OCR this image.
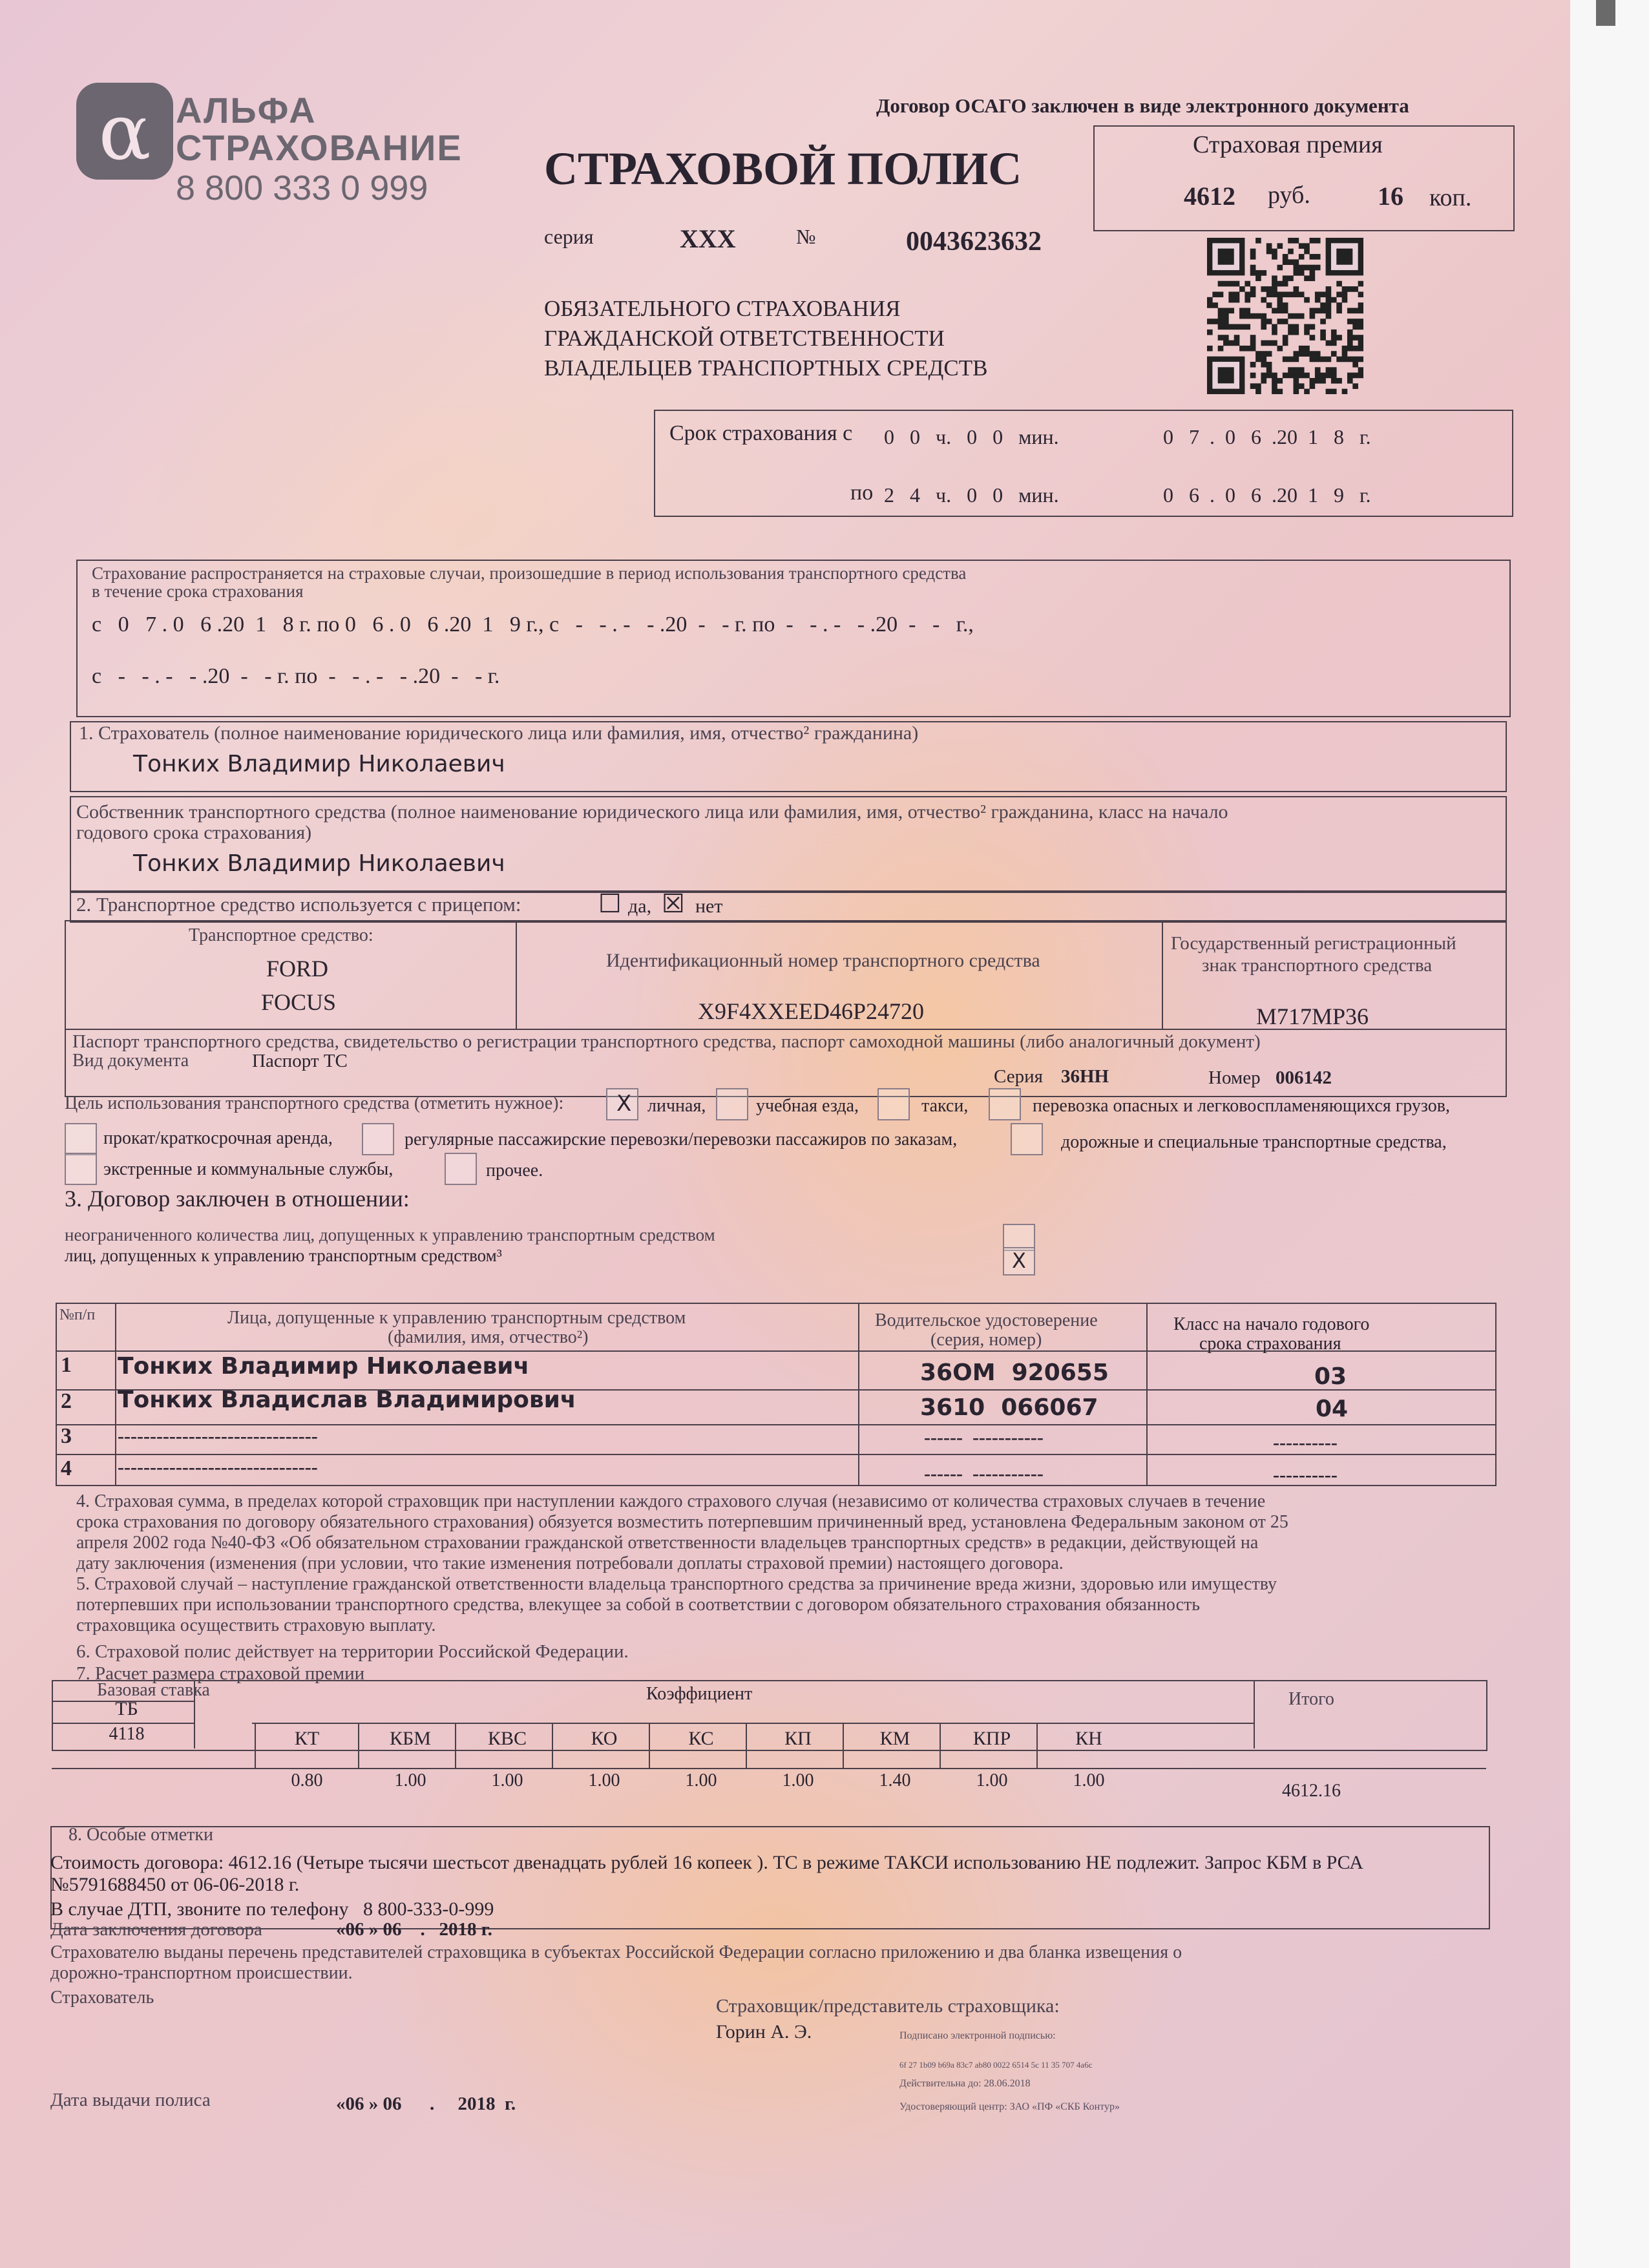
α АЛЬФА
СТРАХОВАНИЕ
8 800 333 0 999
Договор ОСАГО заключен в виде электронного документа
СТРАХОВОЙ ПОЛИС
серия	ХХХ	№	0043623632
ОБЯЗАТЕЛЬНОГО СТРАХОВАНИЯ
ГРАЖДАНСКОЙ ОТВЕТСТВЕННОСТИ
ВЛАДЕЛЬЦЕВ ТРАНСПОРТНЫХ СРЕДСТВ
Страховая премия
4612 руб.	16 коп.
Срок страхования с 0   0   ч.   0   0   мин.	0   7  .  0   6  .20  1   8   г.
по 2   4   ч.   0   0   мин.	0   6  .  0   6  .20  1   9   г.
Страхование распространяется на страховые случаи, произошедшие в период использования транспортного средства
в течение срока страхования
с   0   7 . 0   6 .20  1   8 г. по 0   6 . 0   6 .20  1   9 г., с   -   - . -   - .20  -   - г. по  -   - . -   - .20  -   -   г.,
с   -   - . -   - .20  -   - г. по  -   - . -   - .20  -   - г.
1. Страхователь (полное наименование юридического лица или фамилия, имя, отчество² гражданина)
Тонких Владимир Николаевич
Собственник транспортного средства (полное наименование юридического лица или фамилия, имя, отчество² гражданина, класс на начало
годового срока страхования)
Тонких Владимир Николаевич
2. Транспортное средство используется с прицепом:	☐ да, ☒ нет
Транспортное средство:
FORD
FOCUS
Идентификационный номер транспортного средства
X9F4XXEED46P24720
Государственный регистрационный
знак транспортного средства
М717МР36
Паспорт транспортного средства, свидетельство о регистрации транспортного средства, паспорт самоходной машины (либо аналогичный документ)
Вид документа	Паспорт ТС
Серия 36НН	Номер 006142
Цель использования транспортного средства (отметить нужное): X личная,	учебная езда,	такси,	перевозка опасных и легковоспламеняющихся грузов,
прокат/краткосрочная аренда,	регулярные пассажирские перевозки/перевозки пассажиров по заказам,	дорожные и специальные транспортные средства,
экстренные и коммунальные службы,	прочее.
3. Договор заключен в отношении:
неограниченного количества лиц, допущенных к управлению транспортным средством
лиц, допущенных к управлению транспортным средством³	X
№п/п	Лица, допущенные к управлению транспортным средством
(фамилия, имя, отчество²)
Водительское удостоверение
(серия, номер)
Класс на начало годового
срока страхования
1 Тонких Владимир Николаевич	36ОМ  920655	03
2 Тонких Владислав Владимирович	3610  066067	04
3 -------------------------------	------  -----------	----------
4 -------------------------------	------  -----------	----------
4. Страховая сумма, в пределах которой страховщик при наступлении каждого страхового случая (независимо от количества страховых случаев в течение
срока страхования по договору обязательного страхования) обязуется возместить потерпевшим причиненный вред, установлена Федеральным законом от 25
апреля 2002 года №40-ФЗ «Об обязательном страховании гражданской ответственности владельцев транспортных средств» в редакции, действующей на
дату заключения (изменения (при условии, что такие изменения потребовали доплаты страховой премии) настоящего договора.
5. Страховой случай – наступление гражданской ответственности владельца транспортного средства за причинение вреда жизни, здоровью или имуществу
потерпевших при использовании транспортного средства, влекущее за собой в соответствии с договором обязательного страхования обязанность
страховщика осуществить страховую выплату.
6. Страховой полис действует на территории Российской Федерации.
7. Расчет размера страховой премии
Базовая ставка	Коэффициент	Итого
ТБ
КТ	КБМ	КВС	КО	КС	КП	КМ	КПР	КН
4118
0.80	1.00	1.00	1.00	1.00	1.00	1.40	1.00	1.00
4612.16
8. Особые отметки
Стоимость договора: 4612.16 (Четыре тысячи шестьсот двенадцать рублей 16 копеек ). ТС в режиме ТАКСИ использованию НЕ подлежит. Запрос КБМ в РСА
№5791688450 от 06-06-2018 г.
В случае ДТП, звоните по телефону   8 800-333-0-999
Дата заключения договора	«06 » 06    .   2018 г.
Страхователю выданы перечень представителей страховщика в субъектах Российской Федерации согласно приложению и два бланка извещения о
дорожно-транспортном происшествии.
Страхователь	Страховщик/представитель страховщика:
Горин А. Э.	Подписано электронной подписью:
6f 27 1b09 b69a 83c7 ab80 0022 6514 5c 11 35 707 4a6c
Действительна до: 28.06.2018
Удостоверяющий центр: ЗАО «ПФ «СКБ Контур»
Дата выдачи полиса	«06 » 06      .     2018  г.
